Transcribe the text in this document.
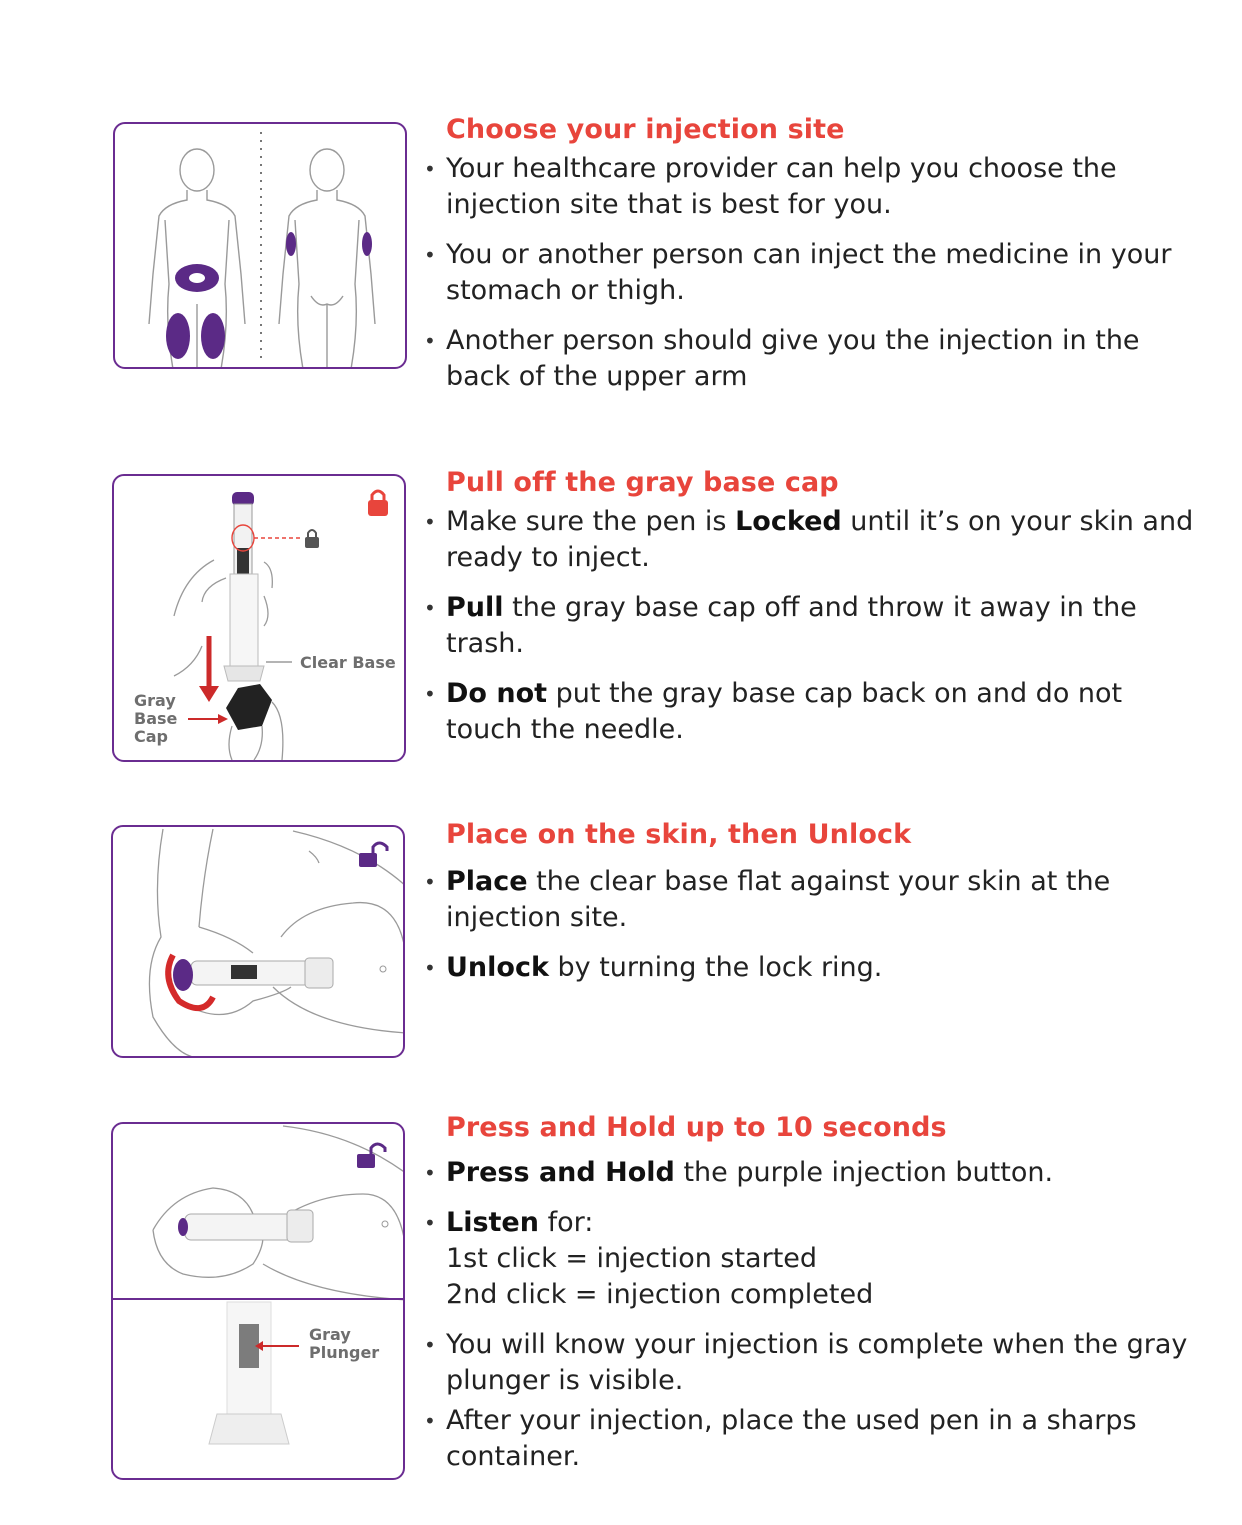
Clear Base
Gray
Base
Cap
Gray
Plunger
Choose your injection site
• Your healthcare provider can help you choose the injection site that is best for you.
• You or another person can inject the medicine in your stomach or thigh.
• Another person should give you the injection in the back of the upper arm
Pull off the gray base cap
• Make sure the pen is Locked until it’s on your skin and ready to inject.
• Pull the gray base cap off and throw it away in the trash.
• Do not put the gray base cap back on and do not touch the needle.
Place on the skin, then Unlock
• Place the clear base flat against your skin at the injection site.
• Unlock by turning the lock ring.
Press and Hold up to 10 seconds
• Press and Hold the purple injection button.
• Listen for:
1st click = injection started
2nd click = injection completed
• You will know your injection is complete when the gray plunger is visible.
• After your injection, place the used pen in a sharps container.
